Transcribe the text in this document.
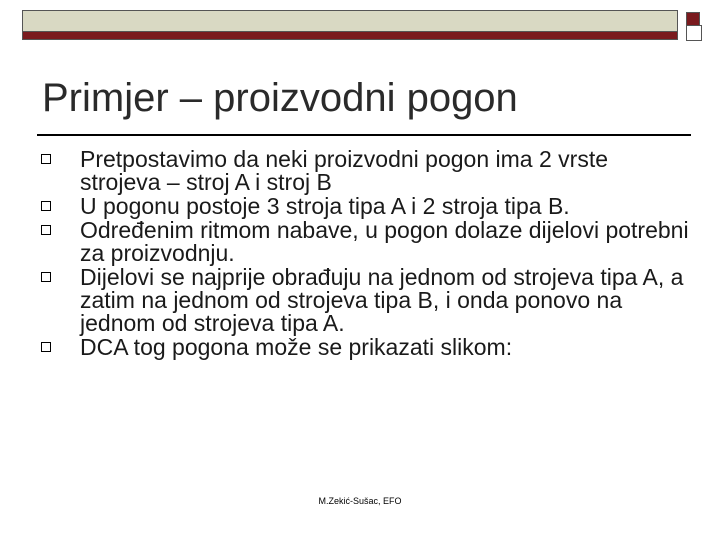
Primjer – proizvodni pogon
Pretpostavimo da neki proizvodni pogon ima 2 vrste strojeva – stroj A i stroj B
U pogonu postoje 3 stroja tipa A i 2 stroja tipa B.
Određenim ritmom nabave, u pogon dolaze dijelovi potrebni za proizvodnju.
Dijelovi se najprije obrađuju na jednom od strojeva tipa A, a zatim na jednom od strojeva tipa B, i onda ponovo na jednom od strojeva tipa A.
DCA tog pogona može se prikazati slikom:
M.Zekić-Sušac, EFO
